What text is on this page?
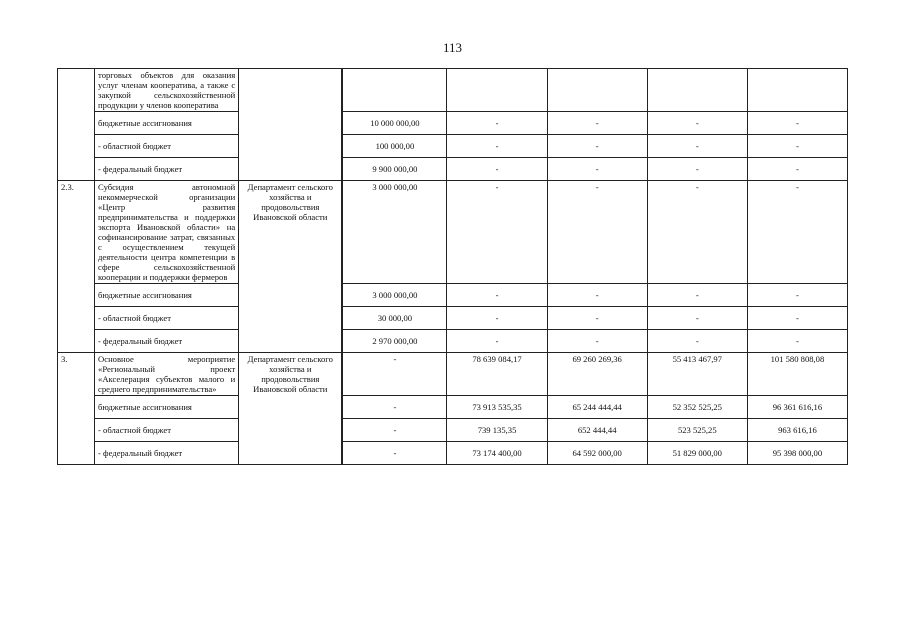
113
	торговых объектов для оказания услуг членам кооператива, а также с закупкой сельскохозяйственной продукции у членов кооператива							
	бюджетные ассигнования		10 000 000,00	-	-	-	-
	- областной бюджет		100 000,00	-	-	-	-
	- федеральный бюджет		9 900 000,00	-	-	-	-
2.3.	Субсидия автономной некоммерческой организации «Центр развития предпринимательства и поддержки экспорта Ивановской области» на софинансирование затрат, связанных с осуществлением текущей деятельности центра компетенции в сфере сельскохозяйственной кооперации и поддержки фермеров	Департамент сельского хозяйства и продовольствия Ивановской области		3 000 000,00	-	-	-	-
	бюджетные ассигнования		3 000 000,00	-	-	-	-
	- областной бюджет		30 000,00	-	-	-	-
	- федеральный бюджет		2 970 000,00	-	-	-	-
3.	Основное мероприятие «Региональный проект «Акселерация субъектов малого и среднего предпринимательства»	Департамент сельского хозяйства и продовольствия Ивановской области		-	78 639 084,17	69 260 269,36	55 413 467,97	101 580 808,08
	бюджетные ассигнования		-	73 913 535,35	65 244 444,44	52 352 525,25	96 361 616,16
	- областной бюджет		-	739 135,35	652 444,44	523 525,25	963 616,16
	- федеральный бюджет		-	73 174 400,00	64 592 000,00	51 829 000,00	95 398 000,00
